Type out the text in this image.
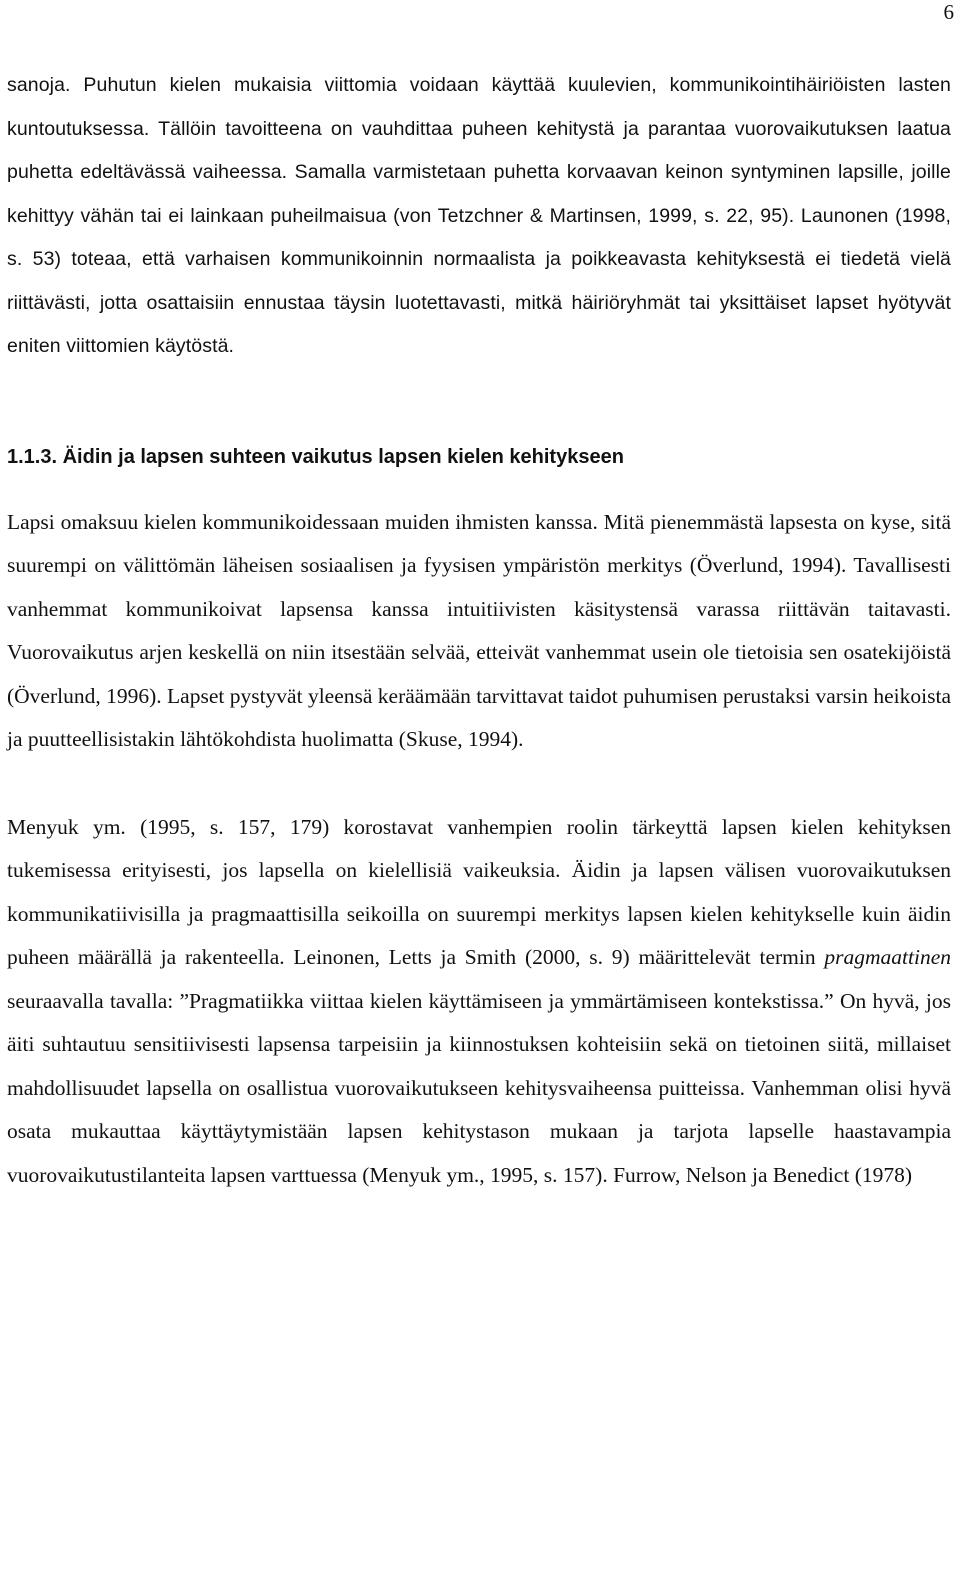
6

sanoja. Puhutun kielen mukaisia viittomia voidaan käyttää kuulevien, kommunikointihäiriöisten lasten kuntoutuksessa. Tällöin tavoitteena on vauhdittaa puheen kehitystä ja parantaa vuorovaikutuksen laatua puhetta edeltävässä vaiheessa. Samalla varmistetaan puhetta korvaavan keinon syntyminen lapsille, joille kehittyy vähän tai ei lainkaan puheilmaisua (von Tetzchner & Martinsen, 1999, s. 22, 95). Launonen (1998, s. 53) toteaa, että varhaisen kommunikoinnin normaalista ja poikkeavasta kehityksestä ei tiedetä vielä riittävästi, jotta osattaisiin ennustaa täysin luotettavasti, mitkä häiriöryhmät tai yksittäiset lapset hyötyvät eniten viittomien käytöstä.

1.1.3. Äidin ja lapsen suhteen vaikutus lapsen kielen kehitykseen

Lapsi omaksuu kielen kommunikoidessaan muiden ihmisten kanssa. Mitä pienemmästä lapsesta on kyse, sitä suurempi on välittömän läheisen sosiaalisen ja fyysisen ympäristön merkitys (Överlund, 1994). Tavallisesti vanhemmat kommunikoivat lapsensa kanssa intuitiivisten käsitystensä varassa riittävän taitavasti. Vuorovaikutus arjen keskellä on niin itsestään selvää, etteivät vanhemmat usein ole tietoisia sen osatekijöistä (Överlund, 1996). Lapset pystyvät yleensä keräämään tarvittavat taidot puhumisen perustaksi varsin heikoista ja puutteellisistakin lähtökohdista huolimatta (Skuse, 1994).

Menyuk ym. (1995, s. 157, 179) korostavat vanhempien roolin tärkeyttä lapsen kielen kehityksen tukemisessa erityisesti, jos lapsella on kielellisiä vaikeuksia. Äidin ja lapsen välisen vuorovaikutuksen kommunikatiivisilla ja pragmaattisilla seikoilla on suurempi merkitys lapsen kielen kehitykselle kuin äidin puheen määrällä ja rakenteella. Leinonen, Letts ja Smith (2000, s. 9) määrittelevät termin pragmaattinen seuraavalla tavalla: ”Pragmatiikka viittaa kielen käyttämiseen ja ymmärtämiseen kontekstissa.” On hyvä, jos äiti suhtautuu sensitiivisesti lapsensa tarpeisiin ja kiinnostuksen kohteisiin sekä on tietoinen siitä, millaiset mahdollisuudet lapsella on osallistua vuorovaikutukseen kehitysvaiheensa puitteissa. Vanhemman olisi hyvä osata mukauttaa käyttäytymistään lapsen kehitystason mukaan ja tarjota lapselle haastavampia vuorovaikutustilanteita lapsen varttuessa (Menyuk ym., 1995, s. 157). Furrow, Nelson ja Benedict (1978)
